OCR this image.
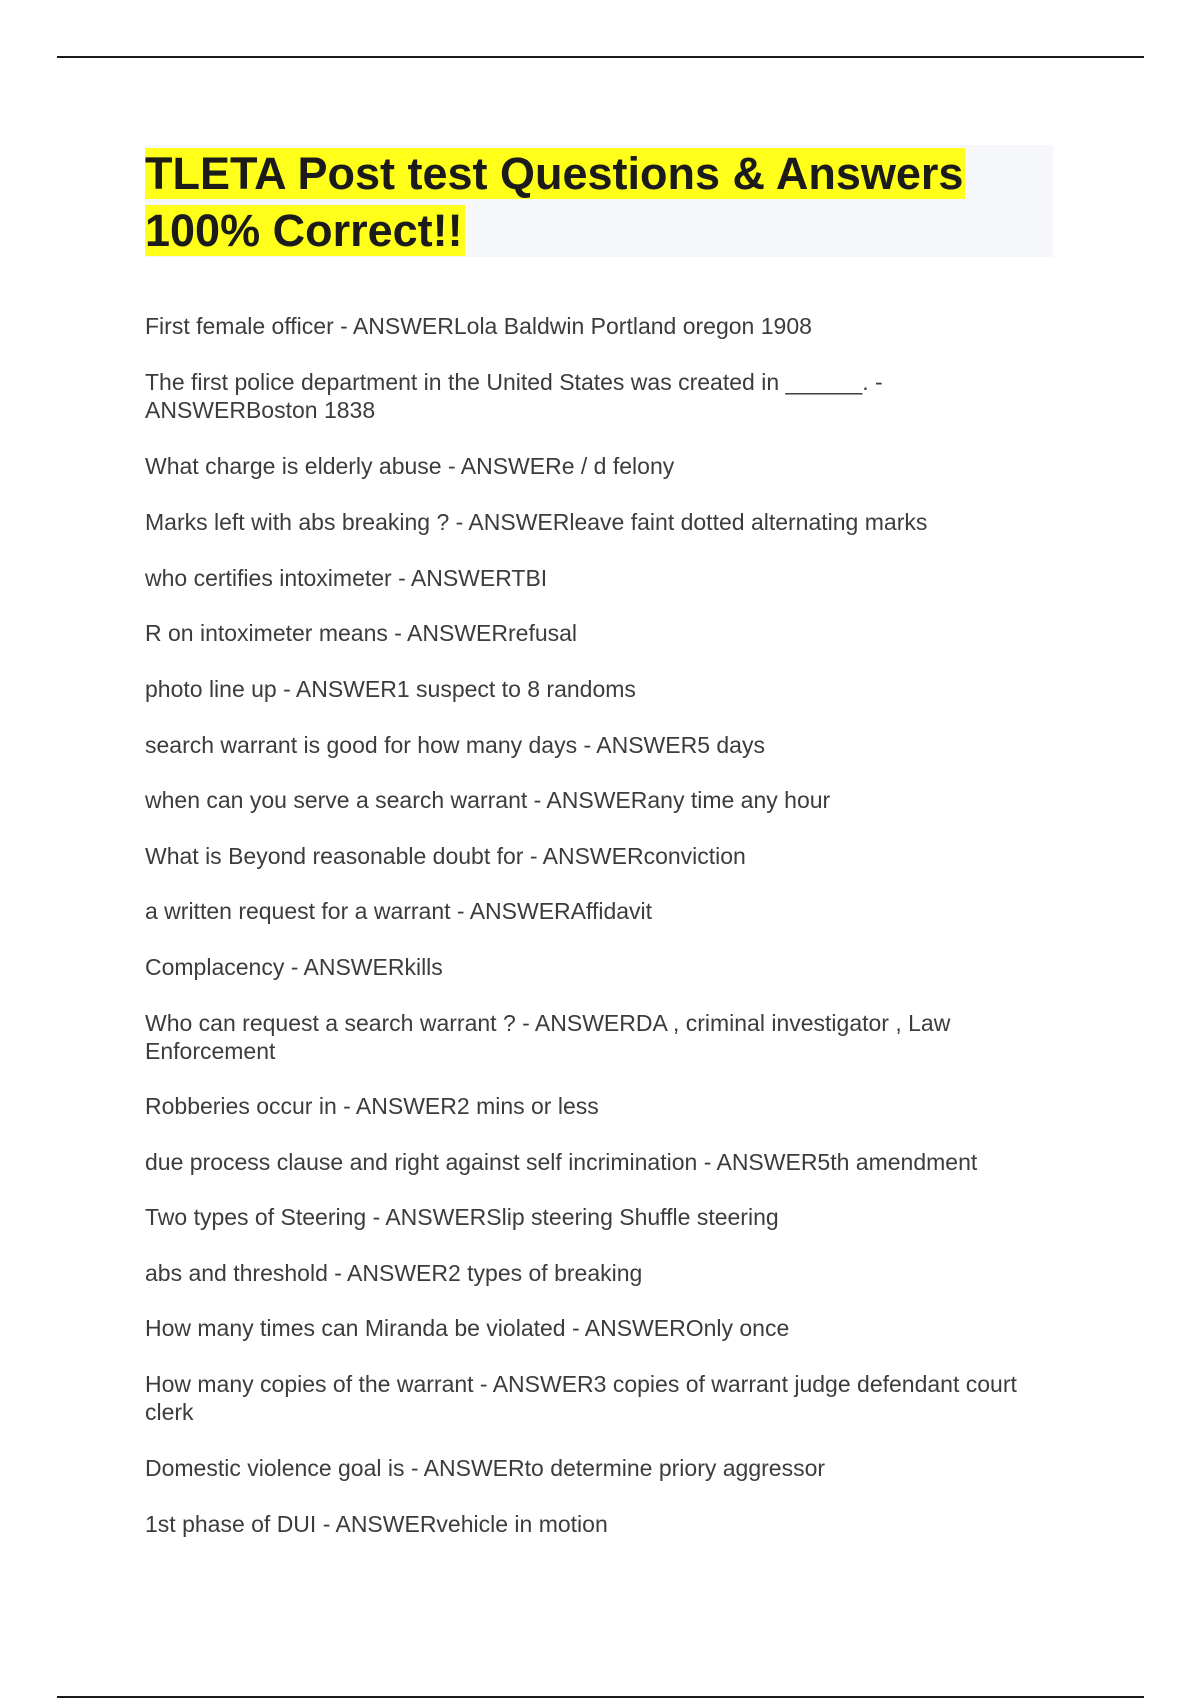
TLETA Post test Questions & Answers 100% Correct!!
First female officer - ANSWERLola Baldwin Portland oregon 1908
The first police department in the United States was created in ______. - ANSWERBoston 1838
What charge is elderly abuse - ANSWERe / d felony
Marks left with abs breaking ? - ANSWERleave faint dotted alternating marks
who certifies intoximeter - ANSWERTBI
R on intoximeter means - ANSWERrefusal
photo line up - ANSWER1 suspect to 8 randoms
search warrant is good for how many days - ANSWER5 days
when can you serve a search warrant - ANSWERany time any hour
What is Beyond reasonable doubt for - ANSWERconviction
a written request for a warrant - ANSWERAffidavit
Complacency - ANSWERkills
Who can request a search warrant ? - ANSWERDA , criminal investigator , Law Enforcement
Robberies occur in - ANSWER2 mins or less
due process clause and right against self incrimination - ANSWER5th amendment
Two types of Steering - ANSWERSlip steering Shuffle steering
abs and threshold - ANSWER2 types of breaking
How many times can Miranda be violated - ANSWEROnly once
How many copies of the warrant - ANSWER3 copies of warrant judge defendant court clerk
Domestic violence goal is - ANSWERto determine priory aggressor
1st phase of DUI - ANSWERvehicle in motion
